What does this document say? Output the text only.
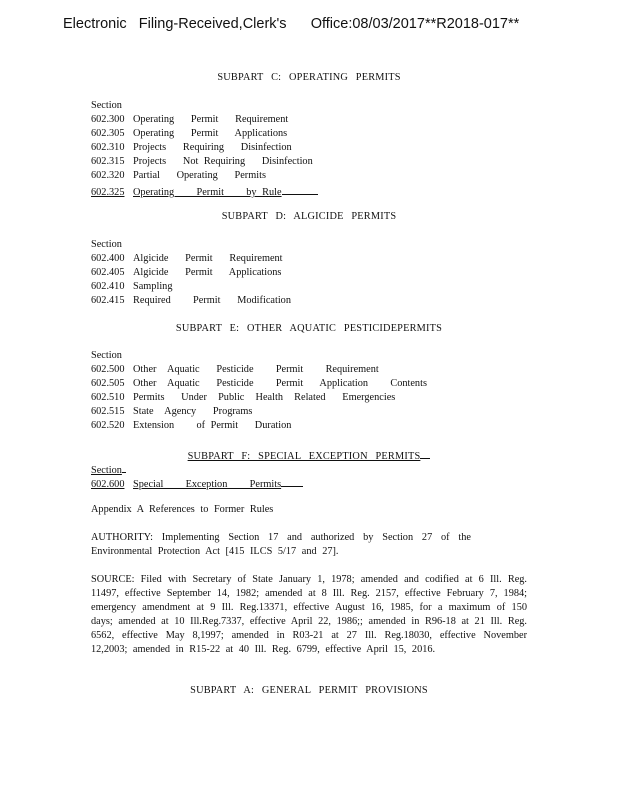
Electronic   Filing-Received,Clerk's      Office:08/03/2017**R2018-017**
SUBPART C: OPERATING PERMITS
Section
602.300 Operating   Permit   Requirement
602.305 Operating   Permit   Applications
602.310 Projects   Requiring   Disinfection
602.315 Projects   Not Requiring   Disinfection
602.320 Partial   Operating   Permits
602.325 Operating    Permit    by Rule
SUBPART D: ALGICIDE PERMITS
Section
602.400 Algicide   Permit   Requirement
602.405 Algicide   Permit   Applications
602.410 Sampling
602.415 Required    Permit   Modification
SUBPART E: OTHER AQUATIC PESTICIDEPERMITS
Section
602.500 Other  Aquatic   Pesticide    Permit    Requirement
602.505 Other  Aquatic   Pesticide    Permit   Application    Contents
602.510 Permits   Under  Public  Health  Related   Emergencies
602.515 State  Agency   Programs
602.520 Extension    of Permit   Duration
SUBPART F: SPECIAL EXCEPTION PERMITS
Section
602.600 Special    Exception    Permits
Appendix A References to Former Rules
AUTHORITY: Implementing Section 17 and authorized by Section 27 of the Environmental Protection Act [415 ILCS 5/17 and 27].
SOURCE: Filed with Secretary of State January 1, 1978; amended and codified at 6 Ill. Reg. 11497, effective September 14, 1982; amended at 8 Ill. Reg. 2157, effective February 7, 1984; emergency amendment at 9 Ill. Reg.13371, effective August 16, 1985, for a maximum of 150 days; amended at 10 Ill.Reg.7337, effective April 22, 1986;; amended in R96-18 at 21 Ill. Reg. 6562, effective May 8,1997; amended in R03-21 at 27 Ill. Reg.18030, effective November 12,2003; amended in R15-22 at 40 Ill. Reg. 6799, effective April 15, 2016.
SUBPART A: GENERAL PERMIT PROVISIONS
